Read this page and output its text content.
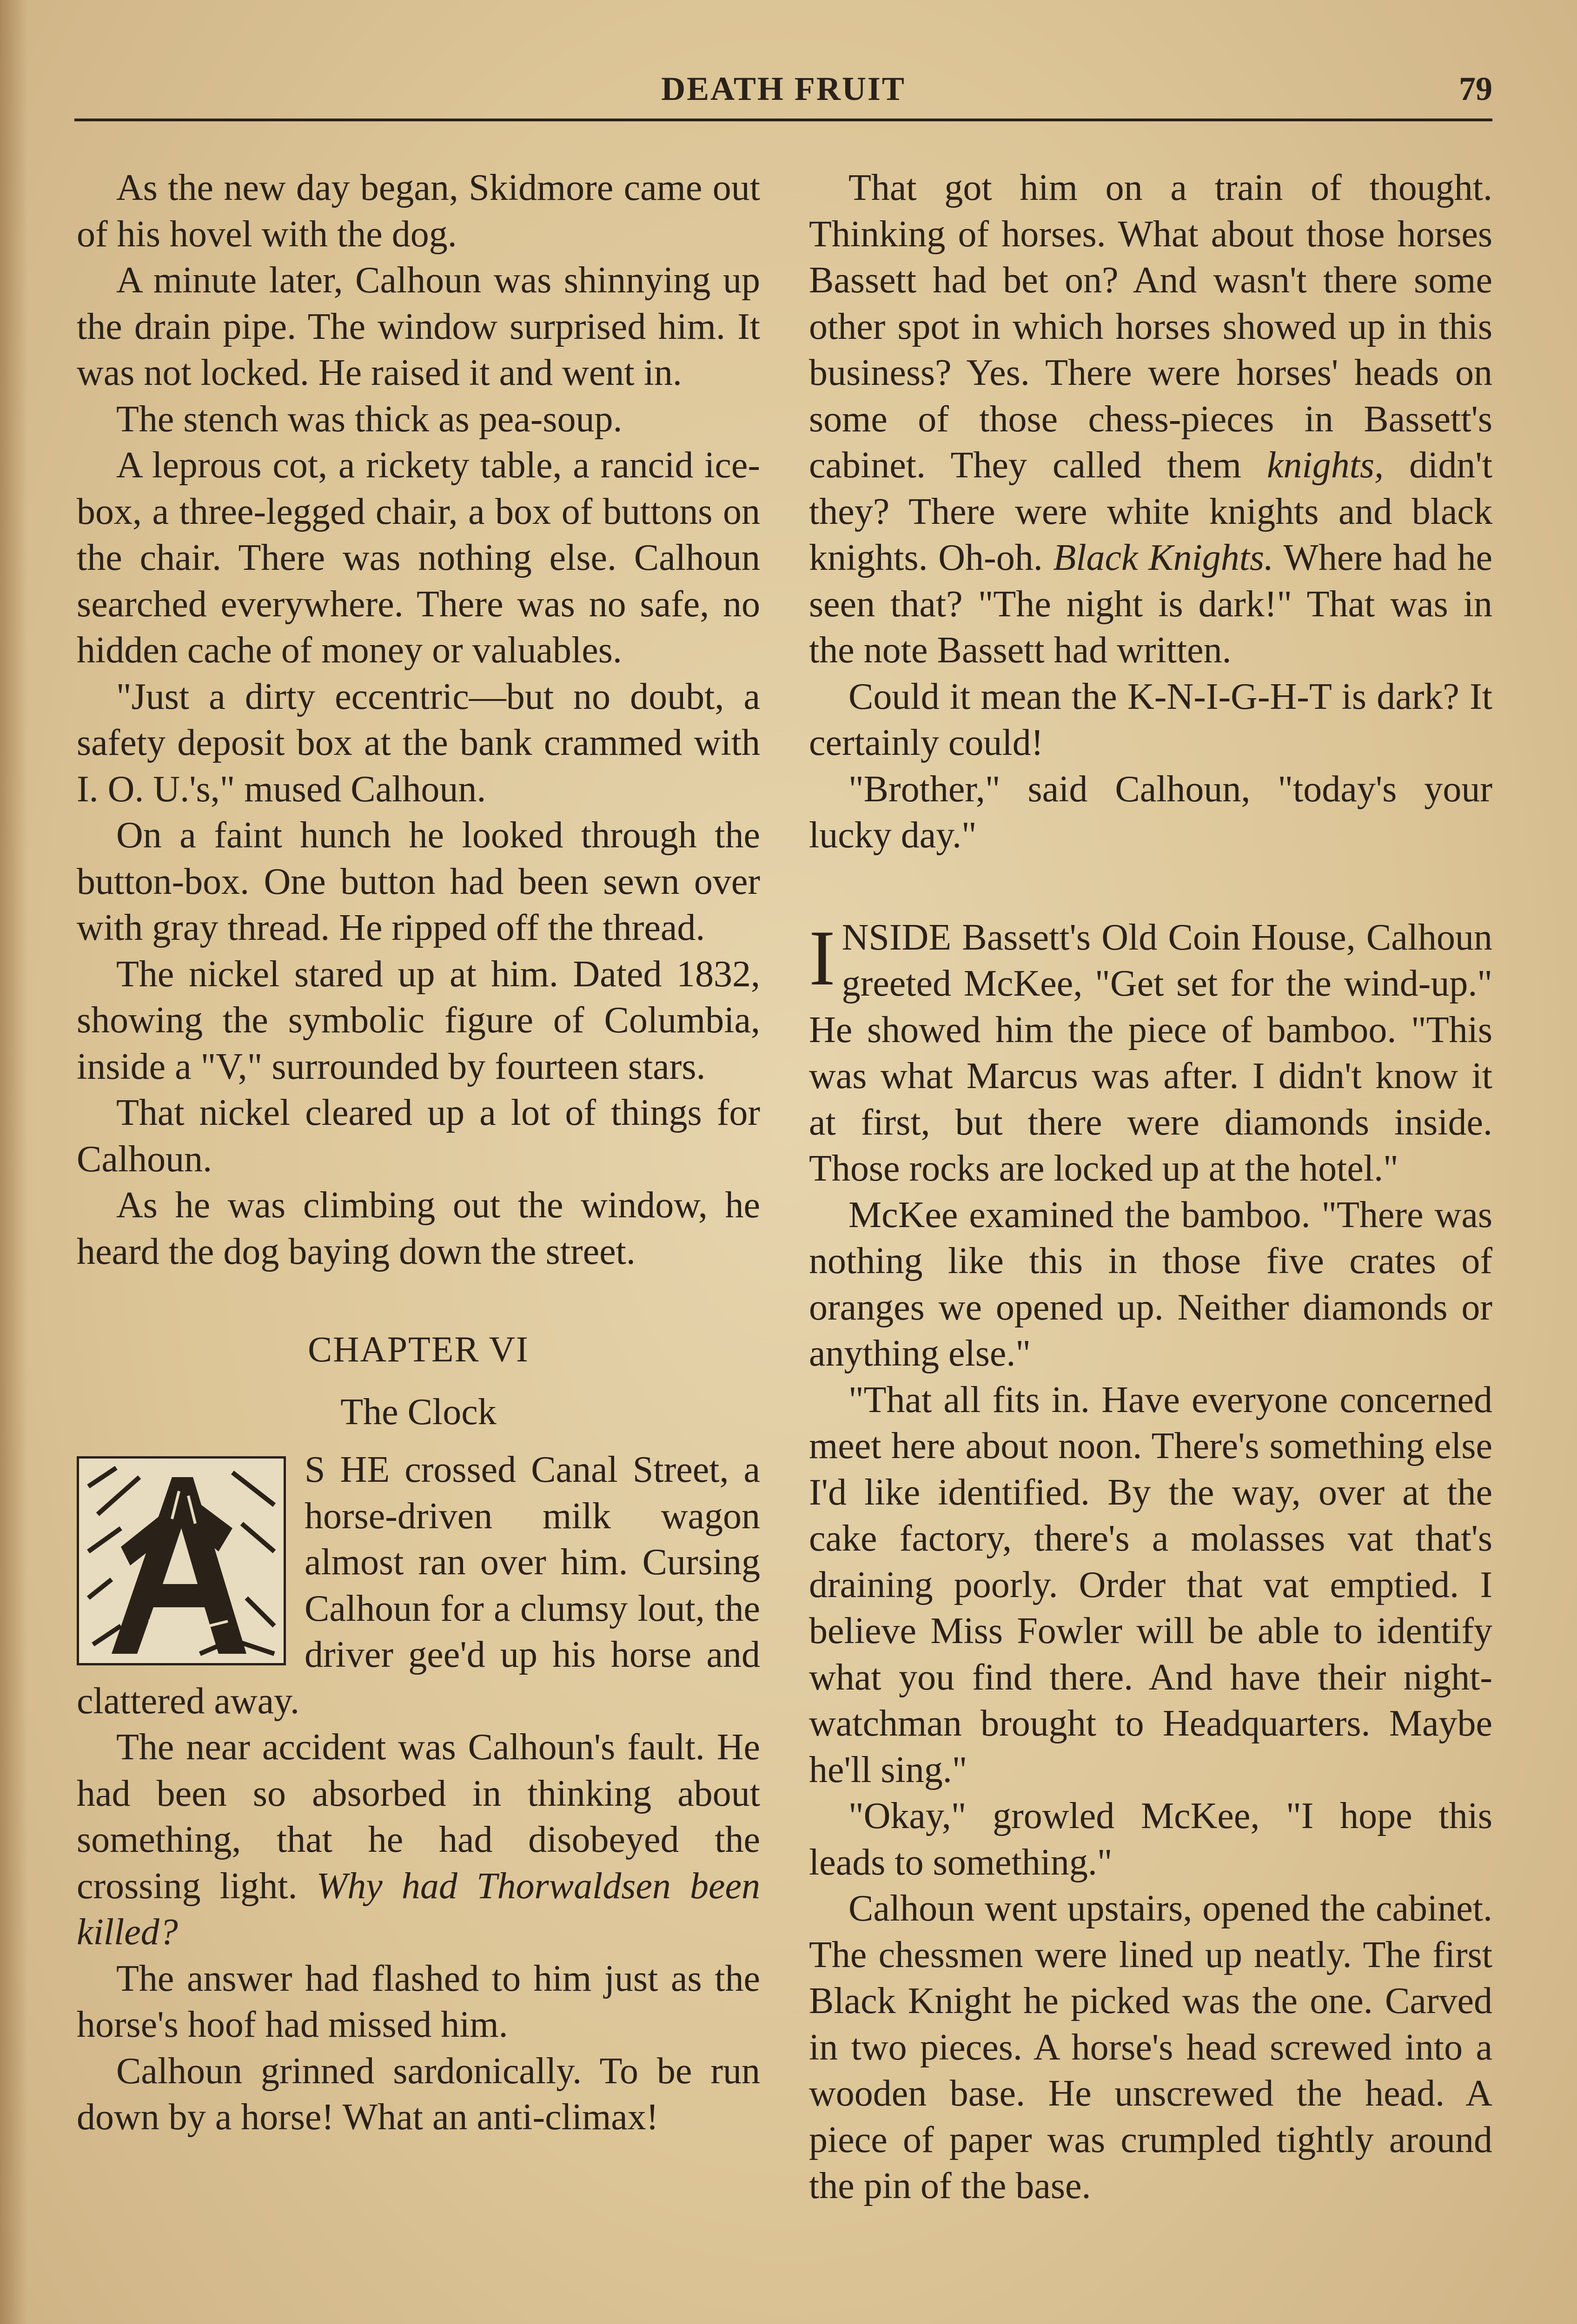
DEATH FRUIT	79

As the new day began, Skidmore came out of his hovel with the dog.

A minute later, Calhoun was shinnying up the drain pipe. The window surprised him. It was not locked. He raised it and went in.

The stench was thick as pea-soup.

A leprous cot, a rickety table, a rancid ice-box, a three-legged chair, a box of buttons on the chair. There was nothing else. Calhoun searched everywhere. There was no safe, no hidden cache of money or valuables.

"Just a dirty eccentric—but no doubt, a safety deposit box at the bank crammed with I. O. U.'s," mused Calhoun.

On a faint hunch he looked through the button-box. One button had been sewn over with gray thread. He ripped off the thread.

The nickel stared up at him. Dated 1832, showing the symbolic figure of Columbia, inside a "V," surrounded by fourteen stars.

That nickel cleared up a lot of things for Calhoun.

As he was climbing out the window, he heard the dog baying down the street.

CHAPTER VI
The Clock

S HE crossed Canal Street, a horse-driven milk wagon almost ran over him. Cursing Calhoun for a clumsy lout, the driver gee'd up his horse and clattered away.

The near accident was Calhoun's fault. He had been so absorbed in thinking about something, that he had disobeyed the crossing light. Why had Thorwaldsen been killed?

The answer had flashed to him just as the horse's hoof had missed him.

Calhoun grinned sardonically. To be run down by a horse! What an anti-climax!

That got him on a train of thought. Thinking of horses. What about those horses Bassett had bet on? And wasn't there some other spot in which horses showed up in this business? Yes. There were horses' heads on some of those chess-pieces in Bassett's cabinet. They called them knights, didn't they? There were white knights and black knights. Oh-oh. Black Knights. Where had he seen that? "The night is dark!" That was in the note Bassett had written.

Could it mean the K-N-I-G-H-T is dark? It certainly could!

"Brother," said Calhoun, "today's your lucky day."

INSIDE Bassett's Old Coin House, Calhoun greeted McKee, "Get set for the wind-up." He showed him the piece of bamboo. "This was what Marcus was after. I didn't know it at first, but there were diamonds inside. Those rocks are locked up at the hotel."

McKee examined the bamboo. "There was nothing like this in those five crates of oranges we opened up. Neither diamonds or anything else."

"That all fits in. Have everyone concerned meet here about noon. There's something else I'd like identified. By the way, over at the cake factory, there's a molasses vat that's draining poorly. Order that vat emptied. I believe Miss Fowler will be able to identify what you find there. And have their night-watchman brought to Headquarters. Maybe he'll sing."

"Okay," growled McKee, "I hope this leads to something."

Calhoun went upstairs, opened the cabinet. The chessmen were lined up neatly. The first Black Knight he picked was the one. Carved in two pieces. A horse's head screwed into a wooden base. He unscrewed the head. A piece of paper was crumpled tightly around the pin of the base.
